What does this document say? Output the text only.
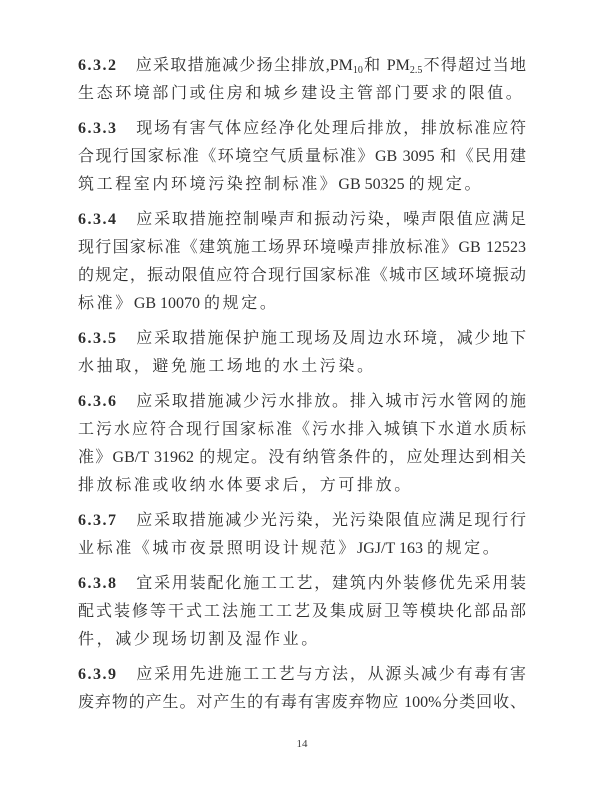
6.3.2 应采取措施减少扬尘排放$,PM_{10}$和 $PM_{2.5}$不得超过当地
生态环境部门或住房和城乡建设主管部门要求的限值。
6.3.3 现场有害气体应经净化处理后排放，排放标准应符
合现行国家标准《环境空气质量标准》GB 3095 和《民用建
筑工程室内环境污染控制标准》GB 50325 的规定。
6.3.4 应采取措施控制噪声和振动污染，噪声限值应满足
现行国家标准《建筑施工场界环境噪声排放标准》GB 12523
的规定，振动限值应符合现行国家标准《城市区域环境振动
标准》GB 10070 的规定。
6.3.5 应采取措施保护施工现场及周边水环境，减少地下
水抽取，避免施工场地的水土污染。
6.3.6 应采取措施减少污水排放。排入城市污水管网的施
工污水应符合现行国家标准《污水排入城镇下水道水质标
准》GB/T 31962 的规定。没有纳管条件的，应处理达到相关
排放标准或收纳水体要求后，方可排放。
6.3.7 应采取措施减少光污染，光污染限值应满足现行行
业标准《城市夜景照明设计规范》JGJ/T 163 的规定。
6.3.8 宜采用装配化施工工艺，建筑内外装修优先采用装
配式装修等干式工法施工工艺及集成厨卫等模块化部品部
件，减少现场切割及湿作业。
6.3.9 应采用先进施工工艺与方法，从源头减少有毒有害
废弃物的产生。对产生的有毒有害废弃物应 100%分类回收、
14
